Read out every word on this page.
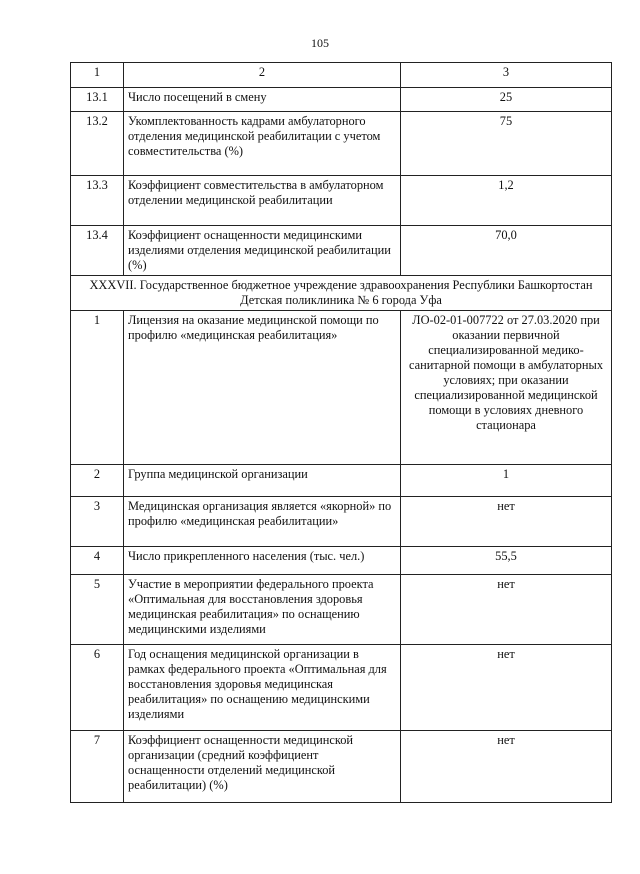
105
1	2	3
13.1	Число посещений в смену	25
13.2	Укомплектованность кадрами амбулаторного отделения медицинской реабилитации с учетом совместительства (%)	75
13.3	Коэффициент совместительства в амбулаторном отделении медицинской реабилитации	1,2
13.4	Коэффициент оснащенности медицинскими изделиями отделения медицинской реабилитации (%)	70,0
XXXVII. Государственное бюджетное учреждение здравоохранения Республики Башкортостан Детская поликлиника № 6 города Уфа		
1	Лицензия на оказание медицинской помощи по профилю «медицинская реабилитация»	ЛО-02-01-007722 от 27.03.2020 при оказании первичной специализированной медико-санитарной помощи в амбулаторных условиях; при оказании специализированной медицинской помощи в условиях дневного стационара
2	Группа медицинской организации	1
3	Медицинская организация является «якорной» по профилю «медицинская реабилитации»	нет
4	Число прикрепленного населения (тыс. чел.)	55,5
5	Участие в мероприятии федерального проекта «Оптимальная для восстановления здоровья медицинская реабилитация» по оснащению медицинскими изделиями	нет
6	Год оснащения медицинской организации в рамках федерального проекта «Оптимальная для восстановления здоровья медицинская реабилитация» по оснащению медицинскими изделиями	нет
7	Коэффициент оснащенности медицинской организации (средний коэффициент оснащенности отделений медицинской реабилитации) (%)	нет
